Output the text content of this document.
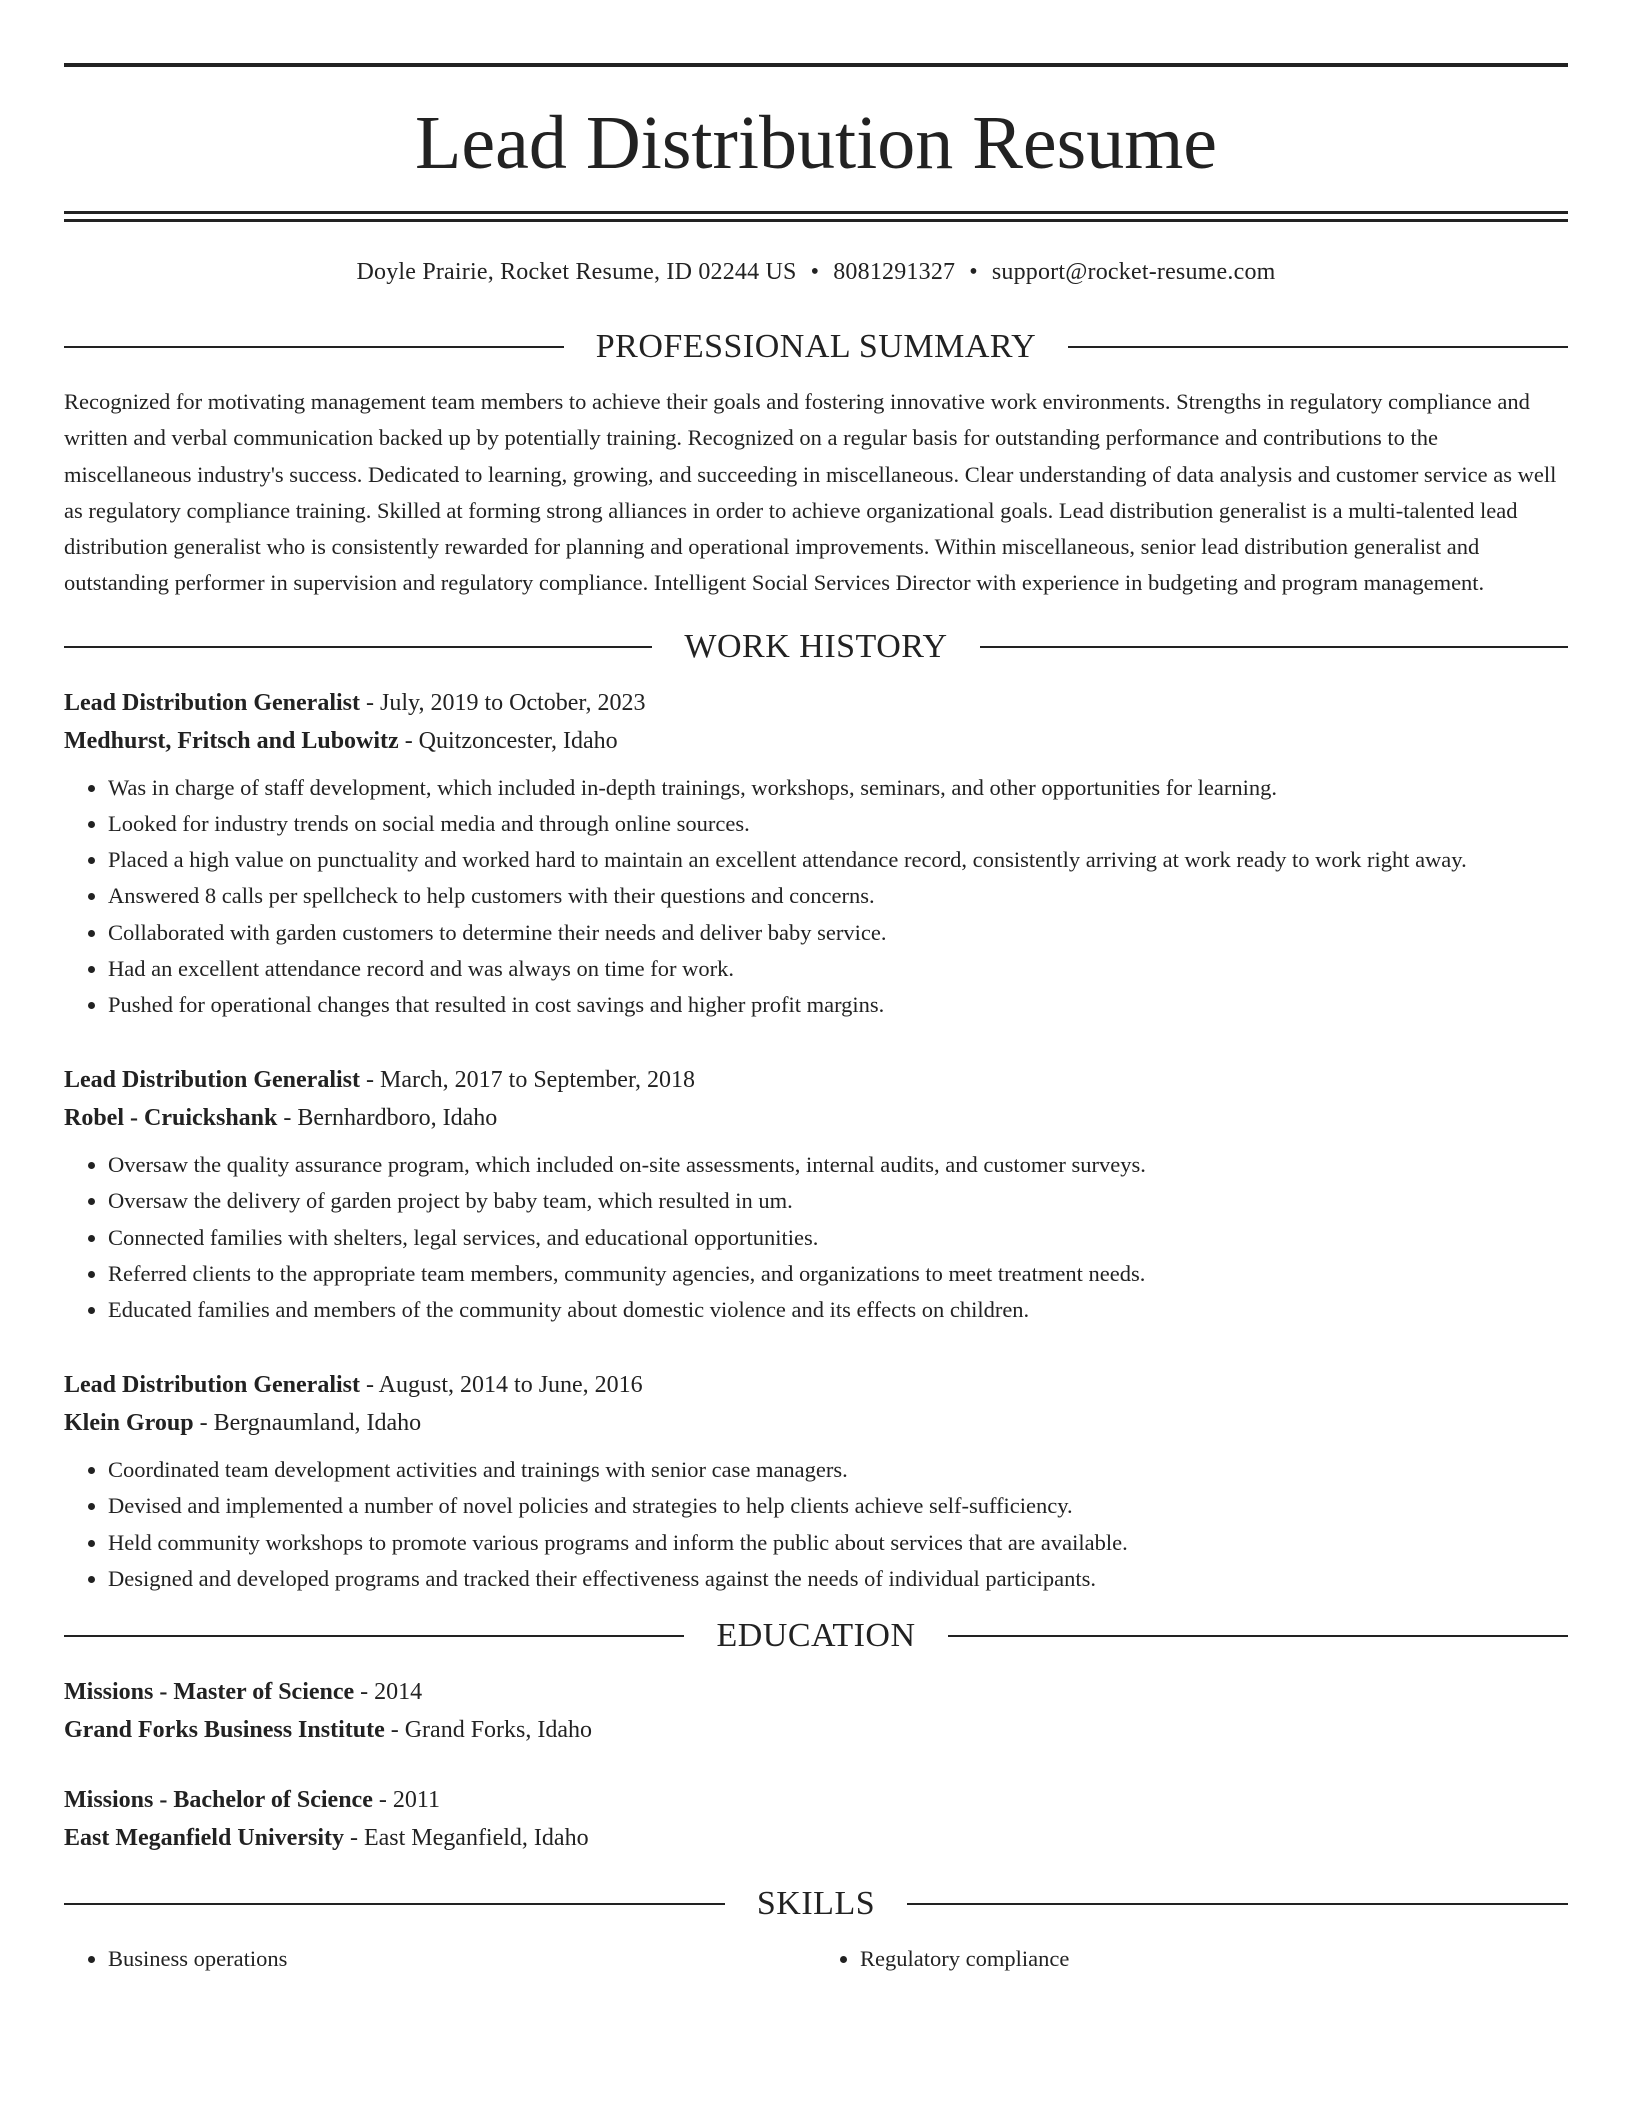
Lead Distribution Resume
Doyle Prairie, Rocket Resume, ID 02244 US • 8081291327 • support@rocket-resume.com
PROFESSIONAL SUMMARY

Recognized for motivating management team members to achieve their goals and fostering innovative work environments. Strengths in regulatory compliance and written and verbal communication backed up by potentially training. Recognized on a regular basis for outstanding performance and contributions to the miscellaneous industry's success. Dedicated to learning, growing, and succeeding in miscellaneous. Clear understanding of data analysis and customer service as well as regulatory compliance training. Skilled at forming strong alliances in order to achieve organizational goals. Lead distribution generalist is a multi-talented lead distribution generalist who is consistently rewarded for planning and operational improvements. Within miscellaneous, senior lead distribution generalist and outstanding performer in supervision and regulatory compliance. Intelligent Social Services Director with experience in budgeting and program management.

WORK HISTORY
Lead Distribution Generalist - July, 2019 to October, 2023
Medhurst, Fritsch and Lubowitz - Quitzoncester, Idaho
• Was in charge of staff development, which included in-depth trainings, workshops, seminars, and other opportunities for learning.
• Looked for industry trends on social media and through online sources.
• Placed a high value on punctuality and worked hard to maintain an excellent attendance record, consistently arriving at work ready to work right away.
• Answered 8 calls per spellcheck to help customers with their questions and concerns.
• Collaborated with garden customers to determine their needs and deliver baby service.
• Had an excellent attendance record and was always on time for work.
• Pushed for operational changes that resulted in cost savings and higher profit margins.
Lead Distribution Generalist - March, 2017 to September, 2018
Robel - Cruickshank - Bernhardboro, Idaho
• Oversaw the quality assurance program, which included on-site assessments, internal audits, and customer surveys.
• Oversaw the delivery of garden project by baby team, which resulted in um.
• Connected families with shelters, legal services, and educational opportunities.
• Referred clients to the appropriate team members, community agencies, and organizations to meet treatment needs.
• Educated families and members of the community about domestic violence and its effects on children.
Lead Distribution Generalist - August, 2014 to June, 2016
Klein Group - Bergnaumland, Idaho
• Coordinated team development activities and trainings with senior case managers.
• Devised and implemented a number of novel policies and strategies to help clients achieve self-sufficiency.
• Held community workshops to promote various programs and inform the public about services that are available.
• Designed and developed programs and tracked their effectiveness against the needs of individual participants.
EDUCATION
Missions - Master of Science - 2014
Grand Forks Business Institute - Grand Forks, Idaho
Missions - Bachelor of Science - 2011
East Meganfield University - East Meganfield, Idaho
SKILLS
• Business operations
•	Regulatory compliance
